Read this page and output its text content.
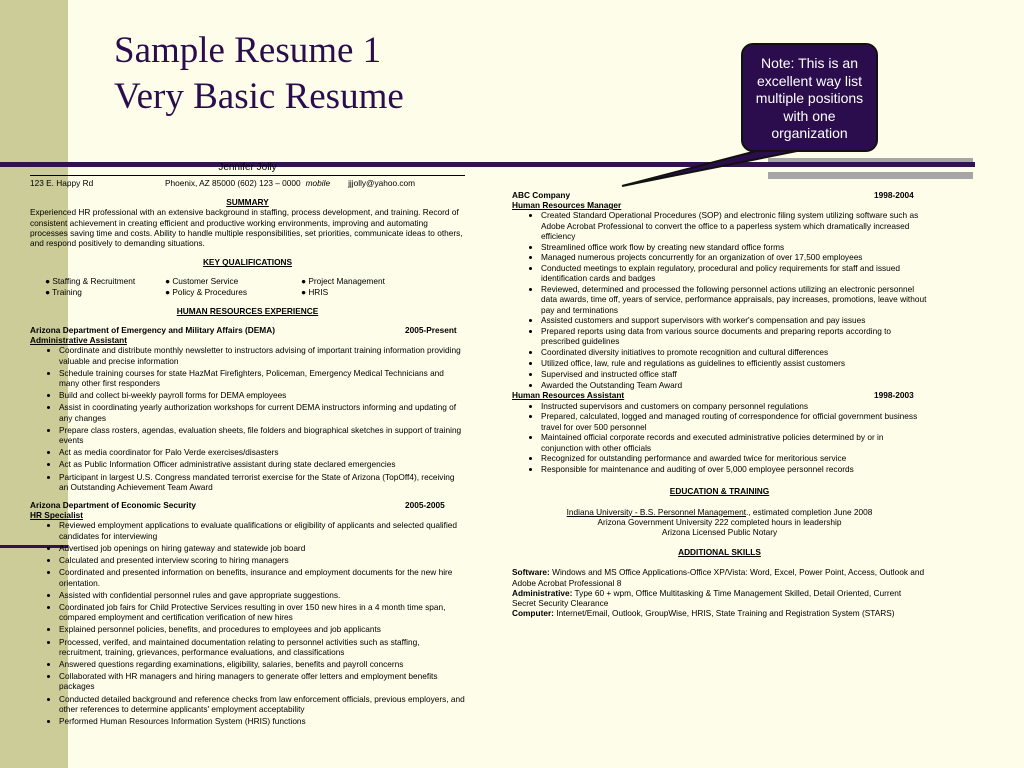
Sample Resume 1
Very Basic Resume
Note: This is an excellent way list multiple positions with one organization
Jennifer Jolly
123 E. Happy Rd	Phoenix, AZ 85000 (602) 123 – 0000 mobile jjjolly@yahoo.com
SUMMARY
Experienced HR professional with an extensive background in staffing, process development, and training. Record of consistent achievement in creating efficient and productive working environments, improving and automating processes saving time and costs. Ability to handle multiple responsibilities, set priorities, communicate ideas to others, and respond positively to demanding situations.
KEY QUALIFICATIONS
● Staffing & Recruitment	● Customer Service	● Project Management
● Training	● Policy & Procedures	● HRIS
HUMAN RESOURCES EXPERIENCE
Arizona Department of Emergency and Military Affairs (DEMA)	2005-Present
Administrative Assistant
• Coordinate and distribute monthly newsletter to instructors advising of important training information providing valuable and precise information
• Schedule training courses for state HazMat Firefighters, Policeman, Emergency Medical Technicians and many other first responders
• Build and collect bi-weekly payroll forms for DEMA employees
• Assist in coordinating yearly authorization workshops for current DEMA instructors informing and updating of any changes
• Prepare class rosters, agendas, evaluation sheets, file folders and biographical sketches in support of training events
• Act as media coordinator for Palo Verde exercises/disasters
• Act as Public Information Officer administrative assistant during state declared emergencies
• Participant in largest U.S. Congress mandated terrorist exercise for the State of Arizona (TopOff4), receiving an Outstanding Achievement Team Award
Arizona Department of Economic Security	2005-2005
HR Specialist
• Reviewed employment applications to evaluate qualifications or eligibility of applicants and selected qualified candidates for interviewing
• Advertised job openings on hiring gateway and statewide job board
• Calculated and presented interview scoring to hiring managers
• Coordinated and presented information on benefits, insurance and employment documents for the new hire orientation.
• Assisted with confidential personnel rules and gave appropriate suggestions.
• Coordinated job fairs for Child Protective Services resulting in over 150 new hires in a 4 month time span, compared employment and certification verification of new hires
• Explained personnel policies, benefits, and procedures to employees and job applicants
• Processed, verifed, and maintained documentation relating to personnel activities such as staffing, recruitment, training, grievances, performance evaluations, and classifications
• Answered questions regarding examinations, eligibility, salaries, benefits and payroll concerns
• Collaborated with HR managers and hiring managers to generate offer letters and employment benefits packages
• Conducted detailed background and reference checks from law enforcement officials, previous employers, and other references to determine applicants' employment acceptability
• Performed Human Resources Information System (HRIS) functions
ABC Company	1998-2004
Human Resources Manager
• Created Standard Operational Procedures (SOP) and electronic filing system utilizing software such as Adobe Acrobat Professional to convert the office to a paperless system which dramatically increased efficiency
• Streamlined office work flow by creating new standard office forms
• Managed numerous projects concurrently for an organization of over 17,500 employees
• Conducted meetings to explain regulatory, procedural and policy requirements for staff and issued identification cards and badges
• Reviewed, determined and processed the following personnel actions utilizing an electronic personnel data awards, time off, years of service, performance appraisals, pay increases, promotions, leave without pay and terminations
• Assisted customers and support supervisors with worker's compensation and pay issues
• Prepared reports using data from various source documents and preparing reports according to prescribed guidelines
• Coordinated diversity initiatives to promote recognition and cultural differences
• Utilized office, law, rule and regulations as guidelines to efficiently assist customers
• Supervised and instructed office staff
• Awarded the Outstanding Team Award
Human Resources Assistant	1998-2003
• Instructed supervisors and customers on company personnel regulations
• Prepared, calculated, logged and managed routing of correspondence for official government business travel for over 500 personnel
• Maintained official corporate records and executed administrative policies determined by or in conjunction with other officials
• Recognized for outstanding performance and awarded twice for meritorious service
• Responsible for maintenance and auditing of over 5,000 employee personnel records
EDUCATION & TRAINING
Indiana University - B.S. Personnel Management., estimated completion June 2008
Arizona Government University 222 completed hours in leadership
Arizona Licensed Public Notary
ADDITIONAL SKILLS
Software: Windows and MS Office Applications-Office XP/Vista: Word, Excel, Power Point, Access, Outlook and Adobe Acrobat Professional 8
Administrative: Type 60 + wpm, Office Multitasking & Time Management Skilled, Detail Oriented, Current Secret Security Clearance
Computer: Internet/Email, Outlook, GroupWise, HRIS, State Training and Registration System (STARS)
